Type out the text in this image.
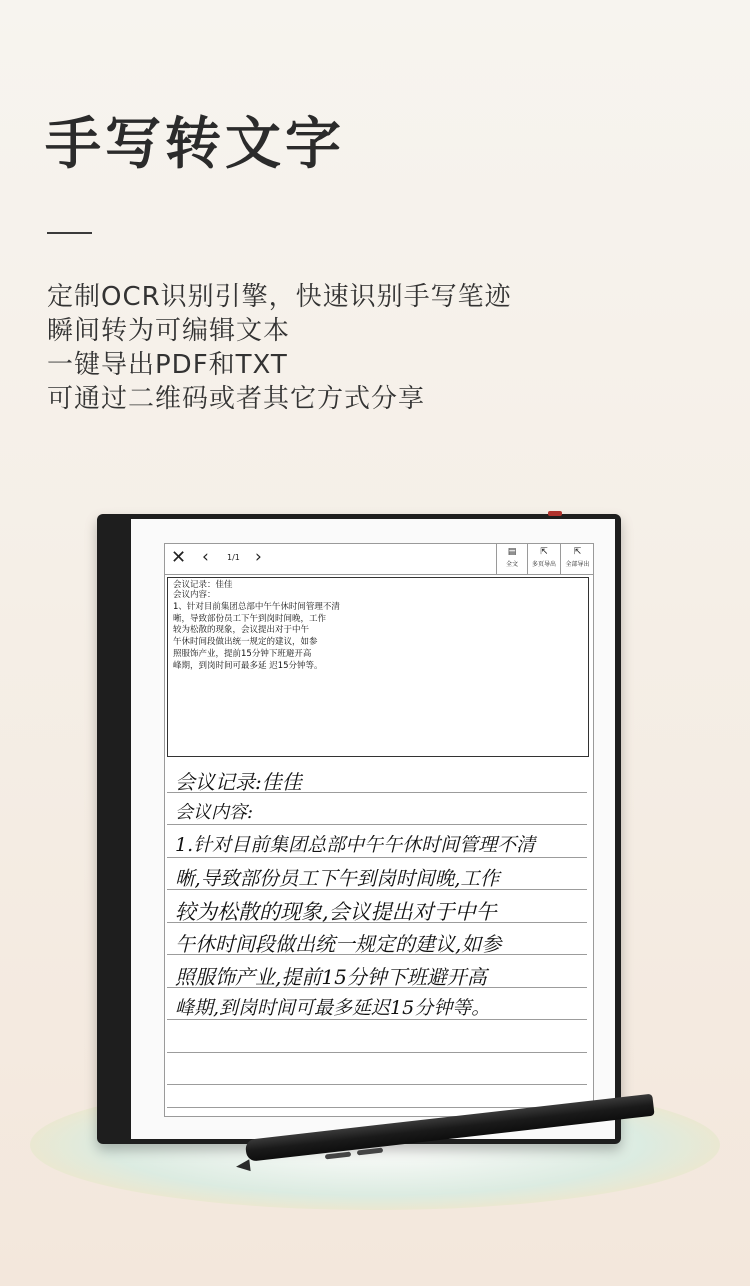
手写转文字
定制OCR识别引擎，快速识别手写笔迹
瞬间转为可编辑文本
一键导出PDF和TXT
可通过二维码或者其它方式分享
✕ ‹ 1/1 ›	▤
全文
⇱
多页导出
⇱
全部导出
会议记录：佳佳
会议内容：
1、针对目前集团总部中午午休时间管理不清
晰，导致部份员工下午到岗时间晚，工作
较为松散的现象，会议提出对于中午
午休时间段做出统一规定的建议，如参
照服饰产业，提前15分钟下班避开高
峰期，到岗时间可最多延 迟15分钟等。
会议记录:佳佳
会议内容:
1.针对目前集团总部中午午休时间管理不清
晰,导致部份员工下午到岗时间晚,工作
较为松散的现象,会议提出对于中午
午休时间段做出统一规定的建议,如参
照服饰产业,提前15分钟下班避开高
峰期,到岗时间可最多延迟15分钟等。
